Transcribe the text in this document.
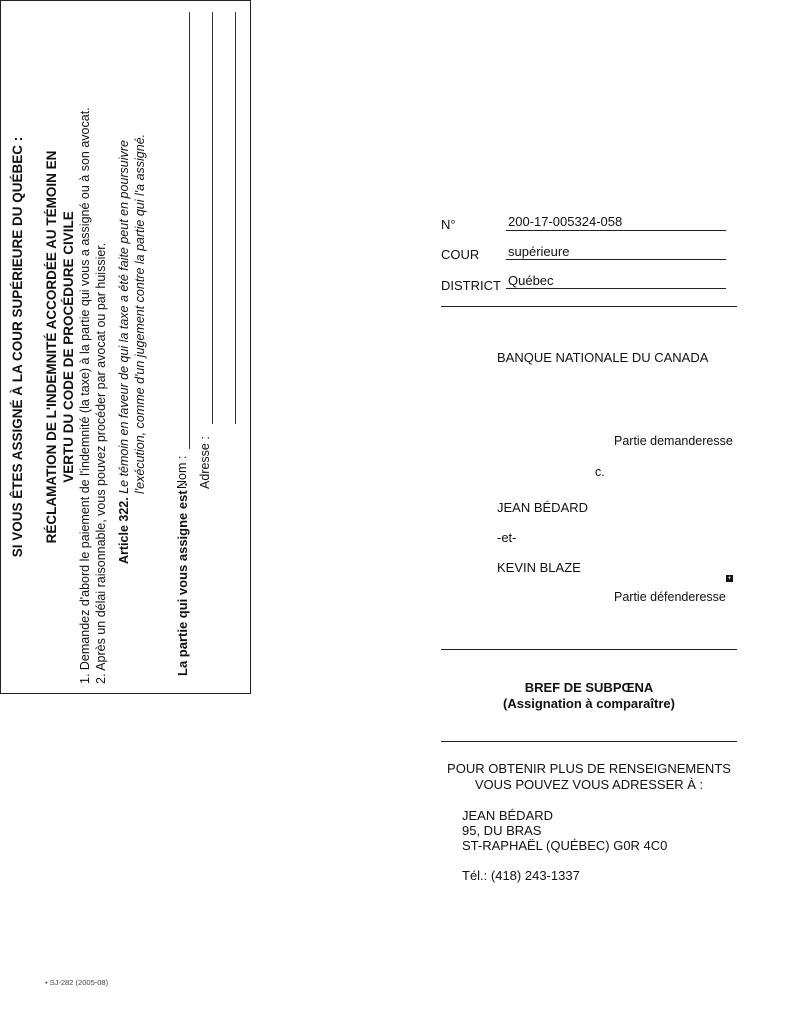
SI VOUS ÊTES ASSIGNÉ À LA COUR SUPÉRIEURE DU QUÉBEC : RÉCLAMATION DE L'INDEMNITÉ ACCORDÉE AU TÉMOIN EN VERTU DU CODE DE PROCÉDURE CIVILE 1. Demandez d'abord le paiement de l'indemnité (la taxe) à la partie qui vous a assigné ou à son avocat. 2. Après un délai raisonnable, vous pouvez procéder par avocat ou par huissier. Article 322. Le témoin en faveur de qui la taxe a été faite peut en poursuivre l'exécution, comme d'un jugement contre la partie qui l'a assigné.
La partie qui vous assigne est :
Nom : Adresse :
N°	200-17-005324-058
COUR supérieure
DISTRICT Québec
BANQUE NATIONALE DU CANADA
Partie demanderesse
c.
JEAN BÉDARD
-et-
KEVIN BLAZE
+
Partie défenderesse
BREF DE SUBPŒNA
(Assignation à comparaître)
POUR OBTENIR PLUS DE RENSEIGNEMENTS
VOUS POUVEZ VOUS ADRESSER À :
JEAN BÉDARD
95, DU BRAS
ST-RAPHAËL (QUÉBEC) G0R 4C0
Tél.: (418) 243-1337
• SJ-282 (2005-08)
